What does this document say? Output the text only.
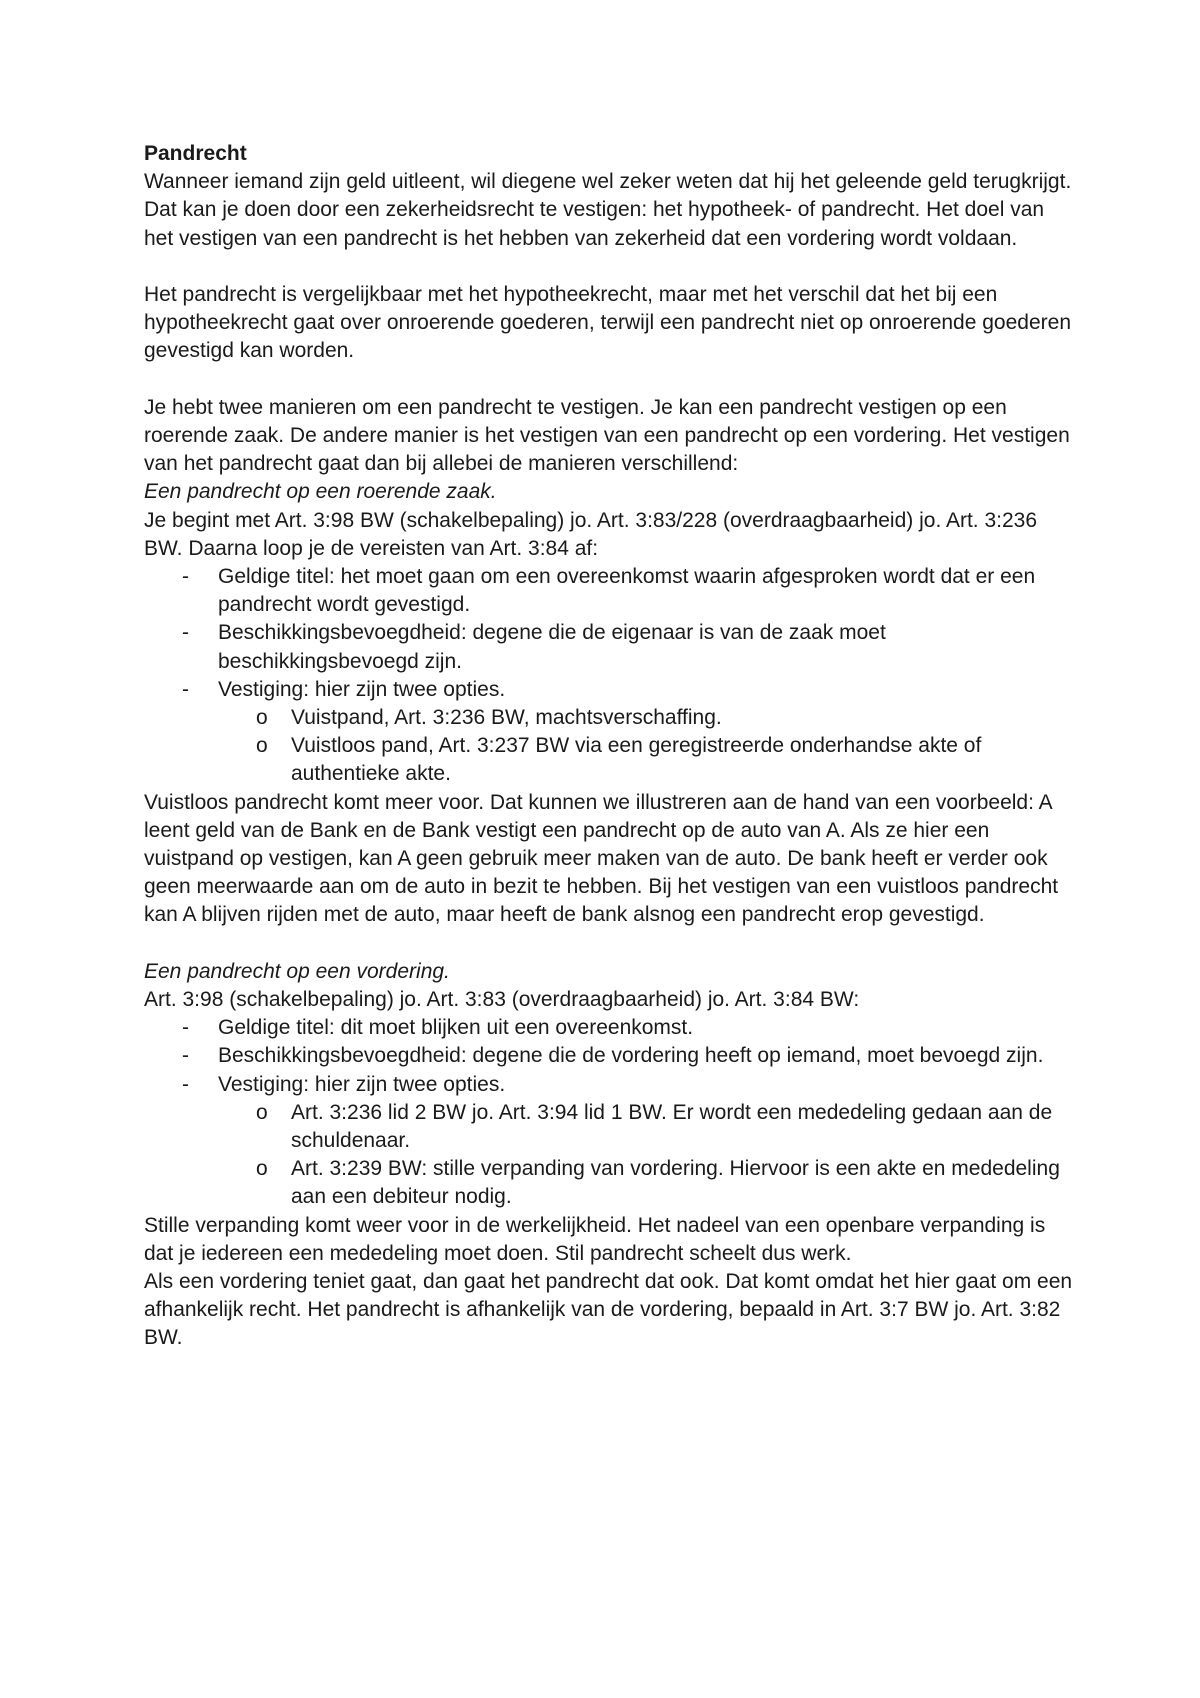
Pandrecht

Wanneer iemand zijn geld uitleent, wil diegene wel zeker weten dat hij het geleende geld terugkrijgt. Dat kan je doen door een zekerheidsrecht te vestigen: het hypotheek- of pandrecht. Het doel van het vestigen van een pandrecht is het hebben van zekerheid dat een vordering wordt voldaan.

Het pandrecht is vergelijkbaar met het hypotheekrecht, maar met het verschil dat het bij een hypotheekrecht gaat over onroerende goederen, terwijl een pandrecht niet op onroerende goederen gevestigd kan worden.

Je hebt twee manieren om een pandrecht te vestigen. Je kan een pandrecht vestigen op een roerende zaak. De andere manier is het vestigen van een pandrecht op een vordering. Het vestigen van het pandrecht gaat dan bij allebei de manieren verschillend:

Een pandrecht op een roerende zaak.

Je begint met Art. 3:98 BW (schakelbepaling) jo. Art. 3:83/228 (overdraagbaarheid) jo. Art. 3:236 BW. Daarna loop je de vereisten van Art. 3:84 af:

- Geldige titel: het moet gaan om een overeenkomst waarin afgesproken wordt dat er een pandrecht wordt gevestigd.
- Beschikkingsbevoegdheid: degene die de eigenaar is van de zaak moet beschikkingsbevoegd zijn.
- Vestiging: hier zijn twee opties.
o Vuistpand, Art. 3:236 BW, machtsverschaffing.
o Vuistloos pand, Art. 3:237 BW via een geregistreerde onderhandse akte of authentieke akte.

Vuistloos pandrecht komt meer voor. Dat kunnen we illustreren aan de hand van een voorbeeld: A leent geld van de Bank en de Bank vestigt een pandrecht op de auto van A. Als ze hier een vuistpand op vestigen, kan A geen gebruik meer maken van de auto. De bank heeft er verder ook geen meerwaarde aan om de auto in bezit te hebben. Bij het vestigen van een vuistloos pandrecht kan A blijven rijden met de auto, maar heeft de bank alsnog een pandrecht erop gevestigd.

Een pandrecht op een vordering.

Art. 3:98 (schakelbepaling) jo. Art. 3:83 (overdraagbaarheid) jo. Art. 3:84 BW:

- Geldige titel: dit moet blijken uit een overeenkomst.
- Beschikkingsbevoegdheid: degene die de vordering heeft op iemand, moet bevoegd zijn.
- Vestiging: hier zijn twee opties.
o Art. 3:236 lid 2 BW jo. Art. 3:94 lid 1 BW. Er wordt een mededeling gedaan aan de schuldenaar.
o Art. 3:239 BW: stille verpanding van vordering. Hiervoor is een akte en mededeling aan een debiteur nodig.

Stille verpanding komt weer voor in de werkelijkheid. Het nadeel van een openbare verpanding is dat je iedereen een mededeling moet doen. Stil pandrecht scheelt dus werk.

Als een vordering teniet gaat, dan gaat het pandrecht dat ook. Dat komt omdat het hier gaat om een afhankelijk recht. Het pandrecht is afhankelijk van de vordering, bepaald in Art. 3:7 BW jo. Art. 3:82 BW.
